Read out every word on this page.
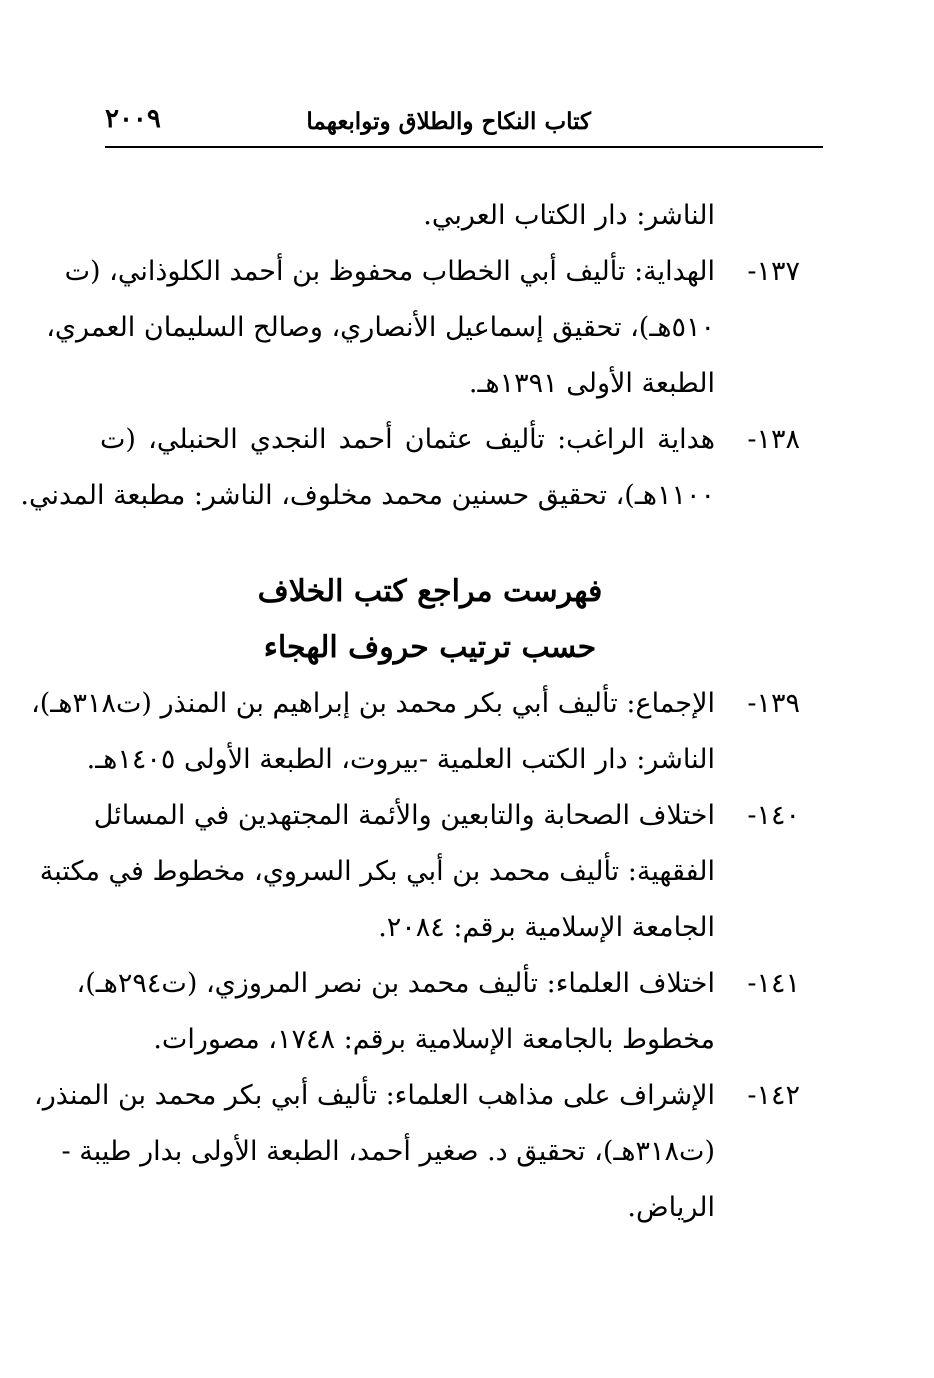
كتاب النكاح والطلاق وتوابعهما
٢٠٠٩
الناشر: دار الكتاب العربي.
١٣٧-
الهداية: تأليف أبي الخطاب محفوظ بن أحمد الكلوذاني، (ت
٥١٠هـ)، تحقيق إسماعيل الأنصاري، وصالح السليمان العمري،
الطبعة الأولى ١٣٩١هـ.
١٣٨-
هداية الراغب: تأليف عثمان أحمد النجدي الحنبلي، (ت
١١٠٠هـ)، تحقيق حسنين محمد مخلوف، الناشر: مطبعة المدني.
فهرست مراجع كتب الخلاف
حسب ترتيب حروف الهجاء
١٣٩-
الإجماع: تأليف أبي بكر محمد بن إبراهيم بن المنذر (ت٣١٨هـ)،
الناشر: دار الكتب العلمية -بيروت، الطبعة الأولى ١٤٠٥هـ.
١٤٠-
اختلاف الصحابة والتابعين والأئمة المجتهدين في المسائل
الفقهية: تأليف محمد بن أبي بكر السروي، مخطوط في مكتبة
الجامعة الإسلامية برقم: ٢٠٨٤.
١٤١-
اختلاف العلماء: تأليف محمد بن نصر المروزي، (ت٢٩٤هـ)،
مخطوط بالجامعة الإسلامية برقم: ١٧٤٨، مصورات.
١٤٢-
الإشراف على مذاهب العلماء: تأليف أبي بكر محمد بن المنذر،
(ت٣١٨هـ)، تحقيق د. صغير أحمد، الطبعة الأولى بدار طيبة -
الرياض.
